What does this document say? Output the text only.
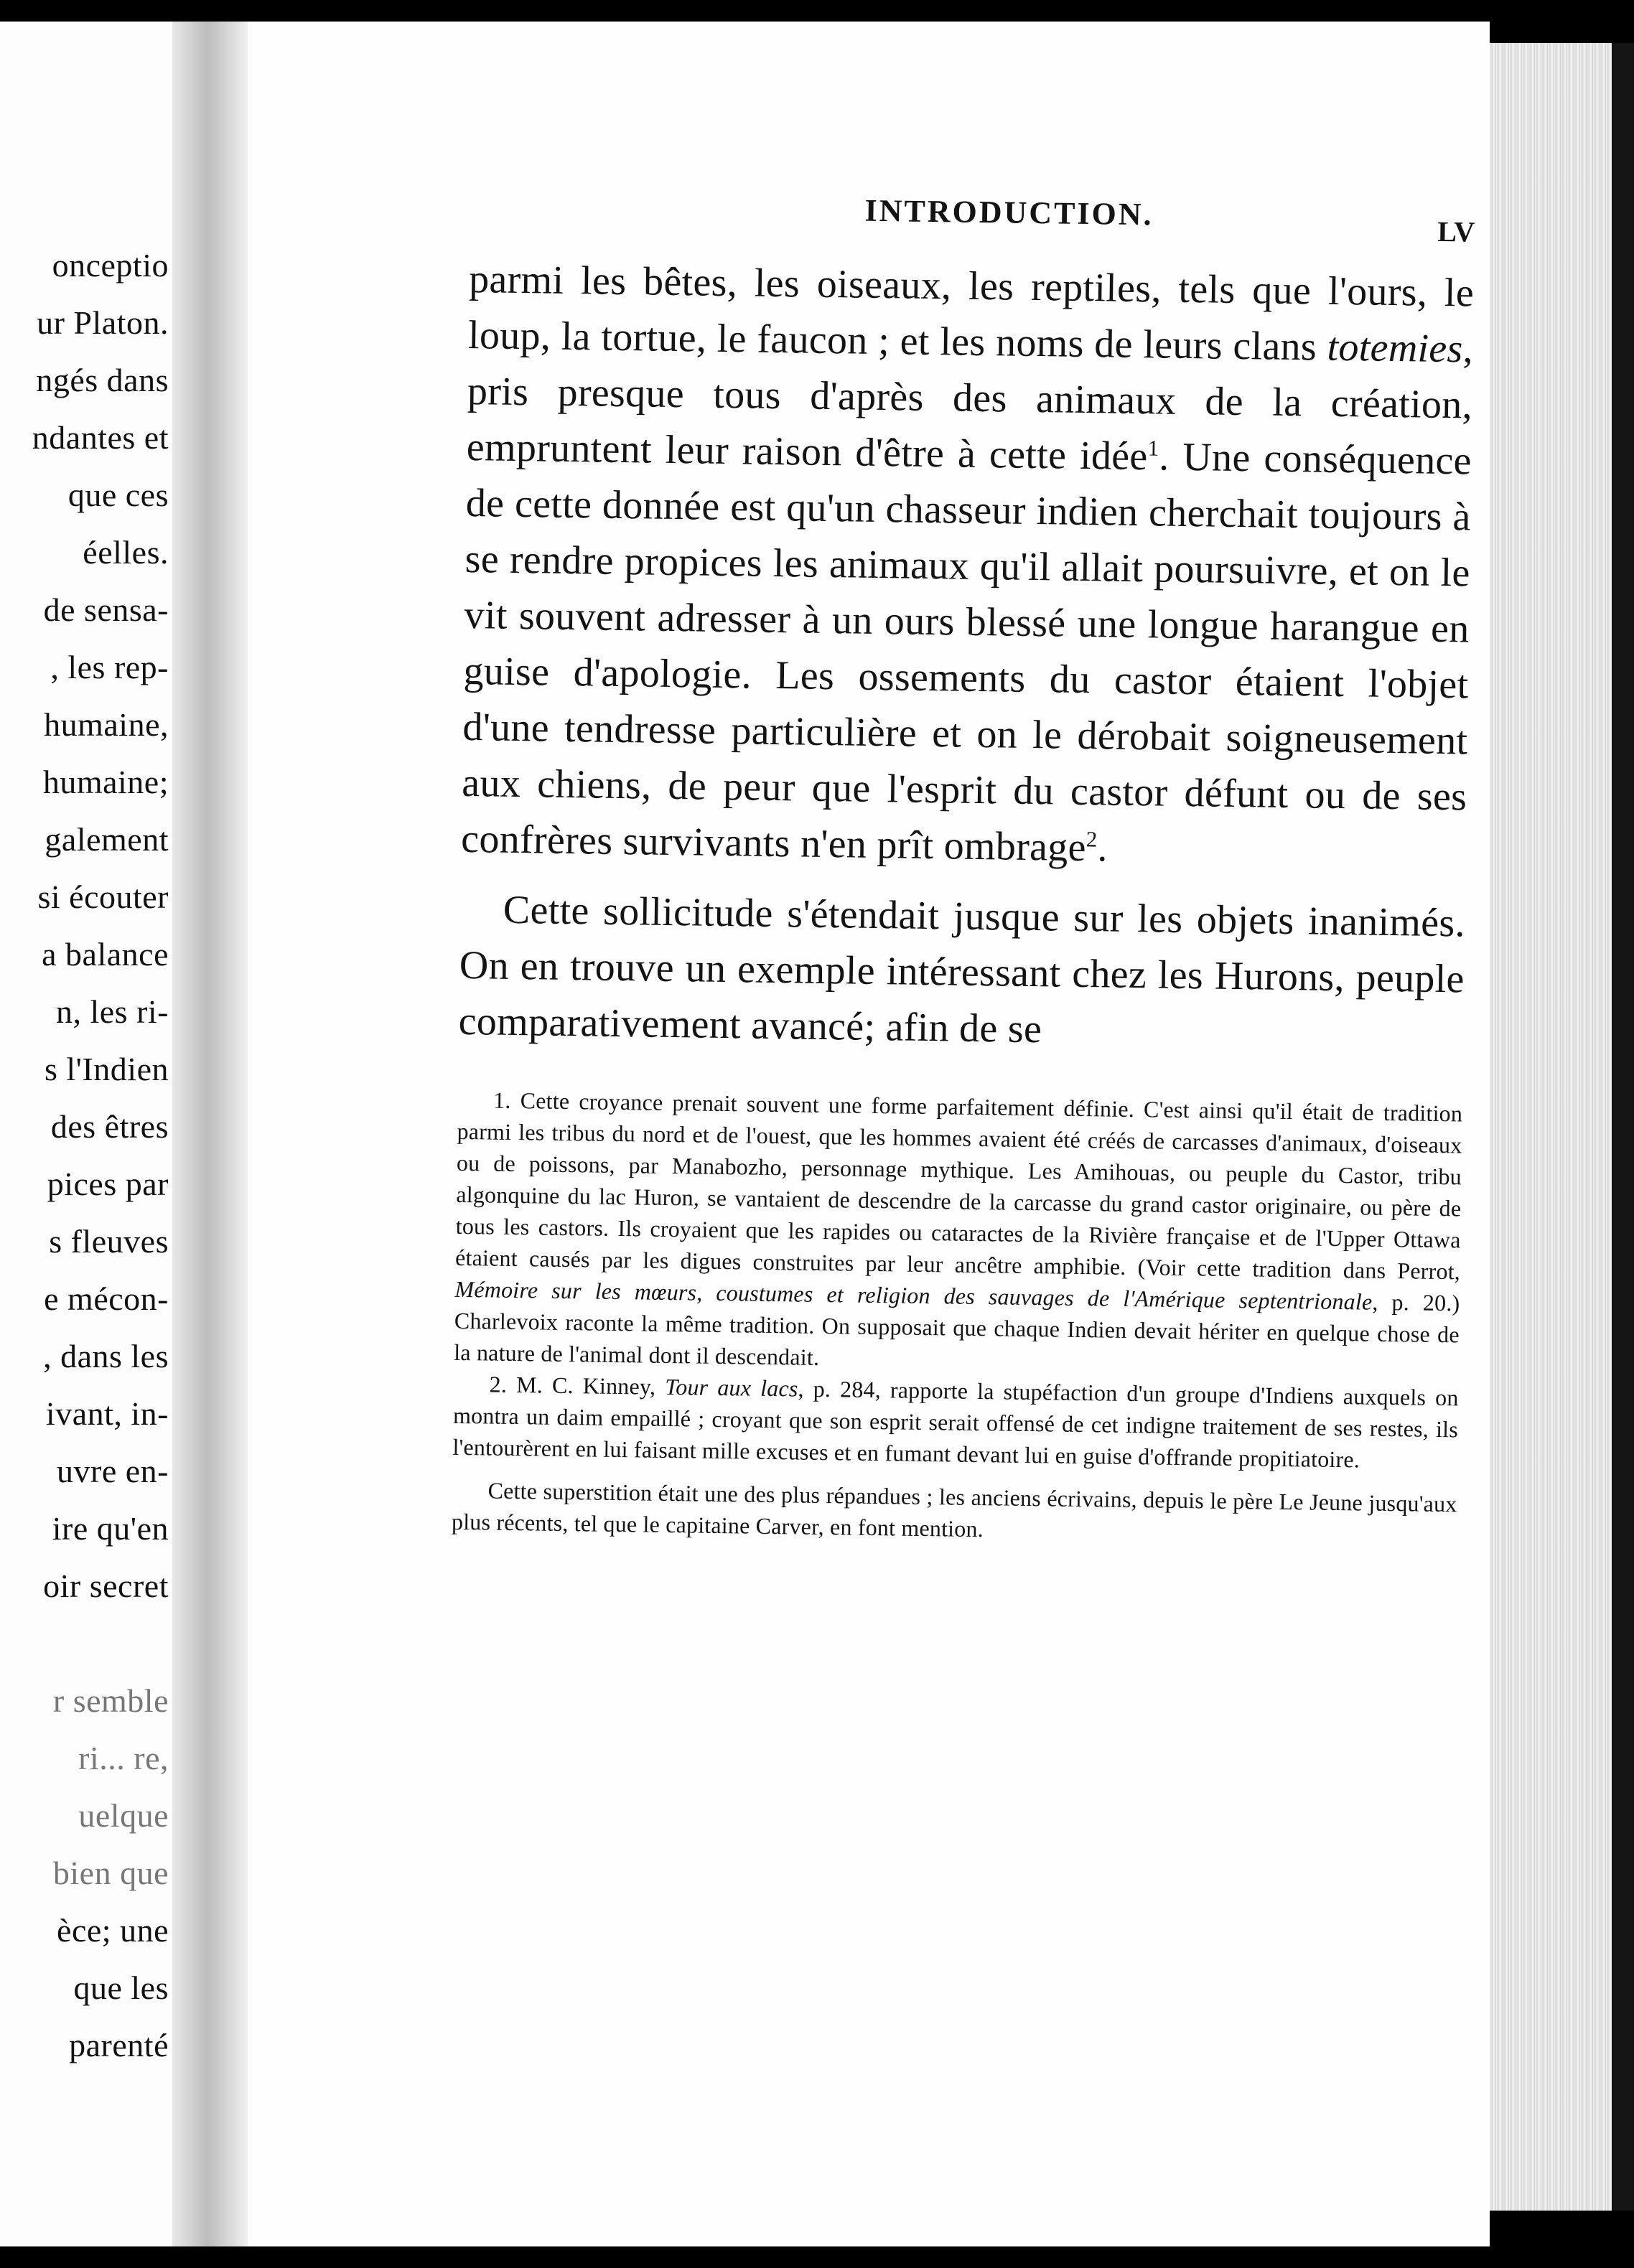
onceptio
ur Platon.
ngés dans
ndantes et
que ces
éelles.
de sensa-
, les rep-
humaine,
humaine;
galement
si écouter
a balance
n, les ri-
s l'Indien
des êtres
pices par
s fleuves
e mécon-
, dans les
ivant, in-
uvre en-
ire qu'en
oir secret
r semble
ri... re,
uelque
bien que
èce; une
que les
parenté
INTRODUCTION.	LV

parmi les bêtes, les oiseaux, les reptiles, tels que l'ours, le loup, la tortue, le faucon ; et les noms de leurs clans totemies, pris presque tous d'après des animaux de la création, empruntent leur raison d'être à cette idée$^1$. Une conséquence de cette donnée est qu'un chasseur indien cherchait toujours à se rendre propices les animaux qu'il allait poursuivre, et on le vit souvent adresser à un ours blessé une longue harangue en guise d'apologie. Les ossements du castor étaient l'objet d'une tendresse particulière et on le dérobait soigneusement aux chiens, de peur que l'esprit du castor défunt ou de ses confrères survivants n'en prît ombrage$^2$.

Cette sollicitude s'étendait jusque sur les objets inanimés. On en trouve un exemple intéressant chez les Hurons, peuple comparativement avancé; afin de se

1. Cette croyance prenait souvent une forme parfaitement définie. C'est ainsi qu'il était de tradition parmi les tribus du nord et de l'ouest, que les hommes avaient été créés de carcasses d'animaux, d'oiseaux ou de poissons, par Manabozho, personnage mythique. Les Amihouas, ou peuple du Castor, tribu algonquine du lac Huron, se vantaient de descendre de la carcasse du grand castor originaire, ou père de tous les castors. Ils croyaient que les rapides ou cataractes de la Rivière française et de l'Upper Ottawa étaient causés par les digues construites par leur ancêtre amphibie. (Voir cette tradition dans Perrot, Mémoire sur les mœurs, coustumes et religion des sauvages de l'Amérique septentrionale, p. 20.) Charlevoix raconte la même tradition. On supposait que chaque Indien devait hériter en quelque chose de la nature de l'animal dont il descendait.

2. M. C. Kinney, Tour aux lacs, p. 284, rapporte la stupéfaction d'un groupe d'Indiens auxquels on montra un daim empaillé ; croyant que son esprit serait offensé de cet indigne traitement de ses restes, ils l'entourèrent en lui faisant mille excuses et en fumant devant lui en guise d'offrande propitiatoire.

Cette superstition était une des plus répandues ; les anciens écrivains, depuis le père Le Jeune jusqu'aux plus récents, tel que le capitaine Carver, en font mention.
